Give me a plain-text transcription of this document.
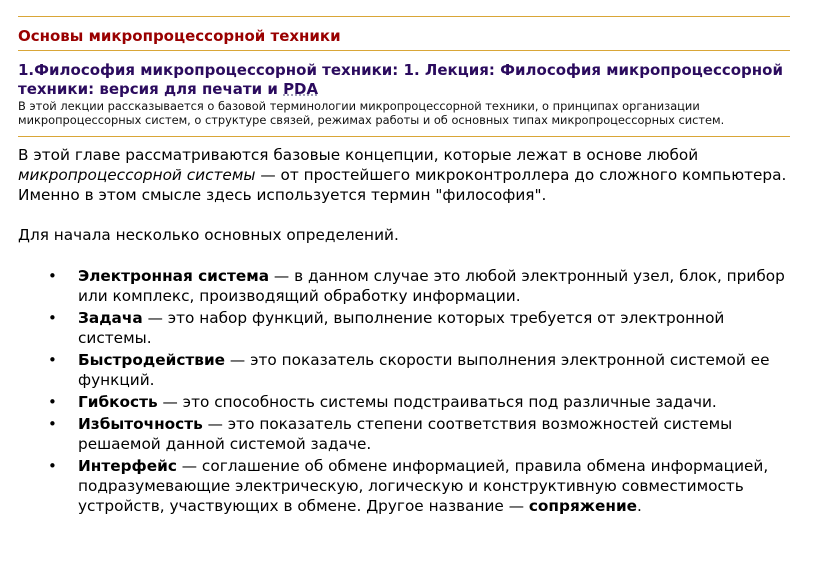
Основы микропроцессорной техники
1.Философия микропроцессорной техники: 1. Лекция: Философия микропроцессорной техники: версия для печати и PDA
В этой лекции рассказывается о базовой терминологии микропроцессорной техники, о принципах организации микропроцессорных систем, о структуре связей, режимах работы и об основных типах микропроцессорных систем.

В этой главе рассматриваются базовые концепции, которые лежат в основе любой микропроцессорной системы — от простейшего микроконтроллера до сложного компьютера. Именно в этом смысле здесь используется термин "философия".

Для начала несколько основных определений.

• Электронная система — в данном случае это любой электронный узел, блок, прибор или комплекс, производящий обработку информации.
• Задача — это набор функций, выполнение которых требуется от электронной системы.
• Быстродействие — это показатель скорости выполнения электронной системой ее функций.
• Гибкость — это способность системы подстраиваться под различные задачи.
• Избыточность — это показатель степени соответствия возможностей системы решаемой данной системой задаче.
• Интерфейс — соглашение об обмене информацией, правила обмена информацией, подразумевающие электрическую, логическую и конструктивную совместимость устройств, участвующих в обмене. Другое название — сопряжение.
